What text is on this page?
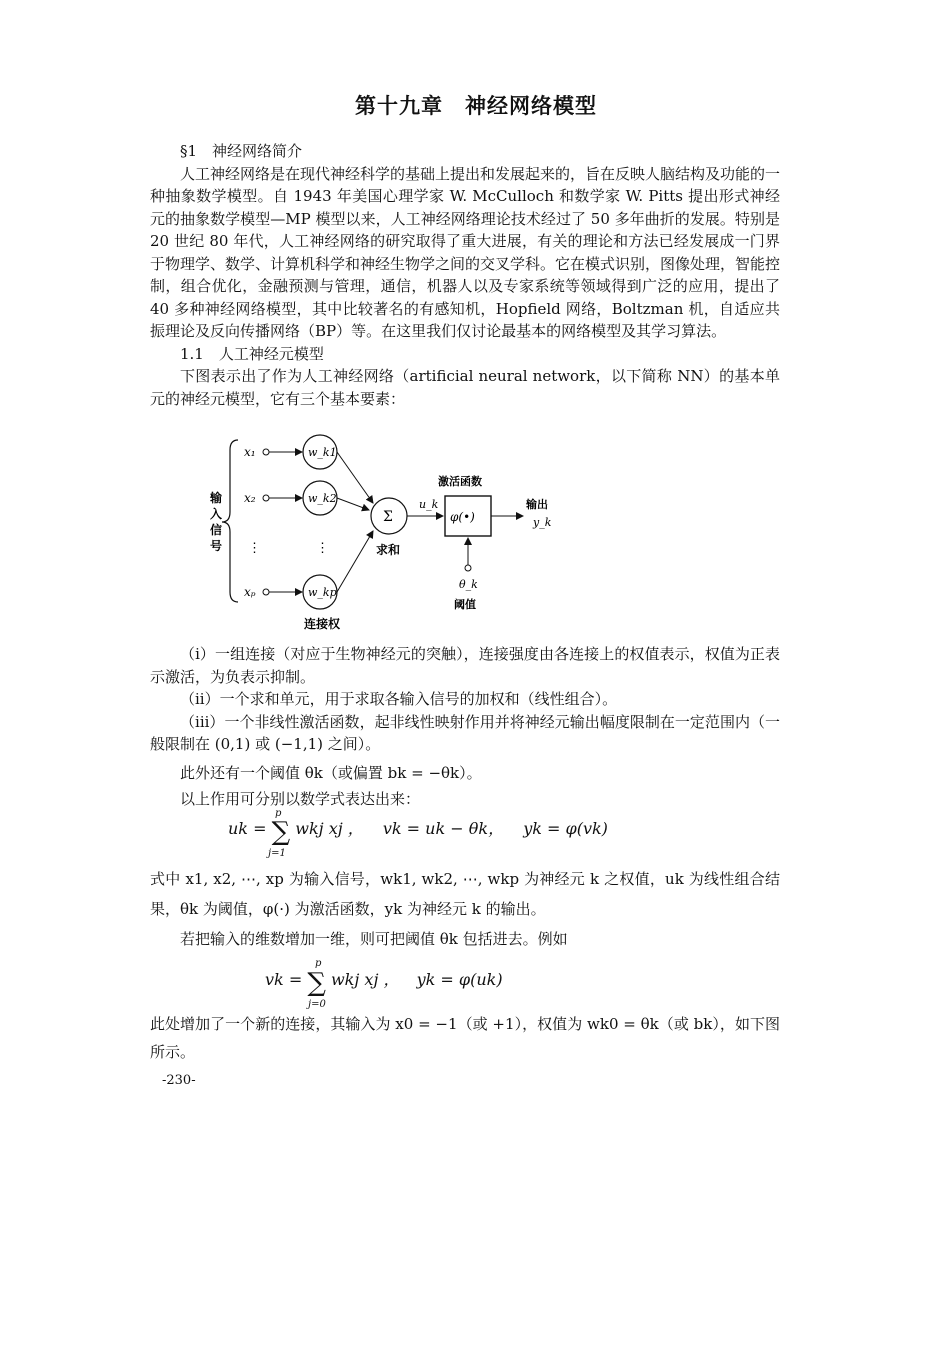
第十九章　神经网络模型

§1　神经网络简介

人工神经网络是在现代神经科学的基础上提出和发展起来的，旨在反映人脑结构及功能的一种抽象数学模型。自 1943 年美国心理学家 W. McCulloch 和数学家 W. Pitts 提出形式神经元的抽象数学模型—MP 模型以来，人工神经网络理论技术经过了 50 多年曲折的发展。特别是 20 世纪 80 年代，人工神经网络的研究取得了重大进展，有关的理论和方法已经发展成一门界于物理学、数学、计算机科学和神经生物学之间的交叉学科。它在模式识别，图像处理，智能控制，组合优化，金融预测与管理，通信，机器人以及专家系统等领域得到广泛的应用，提出了 40 多种神经网络模型，其中比较著名的有感知机，Hopfield 网络，Boltzman 机，自适应共振理论及反向传播网络（BP）等。在这里我们仅讨论最基本的网络模型及其学习算法。

1.1　人工神经元模型

下图表示出了作为人工神经网络（artificial neural network，以下简称 NN）的基本单元的神经元模型，它有三个基本要素：

输
入
信
号
x₁
x₂
⋮
xₚ
w_k1
w_k2
⋮
w_kp
连接权
Σ
求和
u_k
φ(•)
激活函数
输出
y_k
θ_k
阈值

（i）一组连接（对应于生物神经元的突触），连接强度由各连接上的权值表示，权值为正表示激活，为负表示抑制。

（ii）一个求和单元，用于求取各输入信号的加权和（线性组合）。

（iii）一个非线性激活函数，起非线性映射作用并将神经元输出幅度限制在一定范围内（一般限制在 (0,1) 或 (−1,1) 之间）。

此外还有一个阈值 θk（或偏置 bk = −θk）。

以上作用可分别以数学式表达出来：

uk = ∑ wkj xj ， vk = uk − θk， yk = φ(vk)
p
j=1

式中 x1, x2, ⋯, xp 为输入信号，wk1, wk2, ⋯, wkp 为神经元 k 之权值，uk 为线性组合结果，θk 为阈值，φ(·) 为激活函数，yk 为神经元 k 的输出。

若把输入的维数增加一维，则可把阈值 θk 包括进去。例如

vk = ∑ wkj xj ， yk = φ(uk)
p
j=0

此处增加了一个新的连接，其输入为 x0 = −1（或 +1），权值为 wk0 = θk（或 bk），如下图所示。

-230-
